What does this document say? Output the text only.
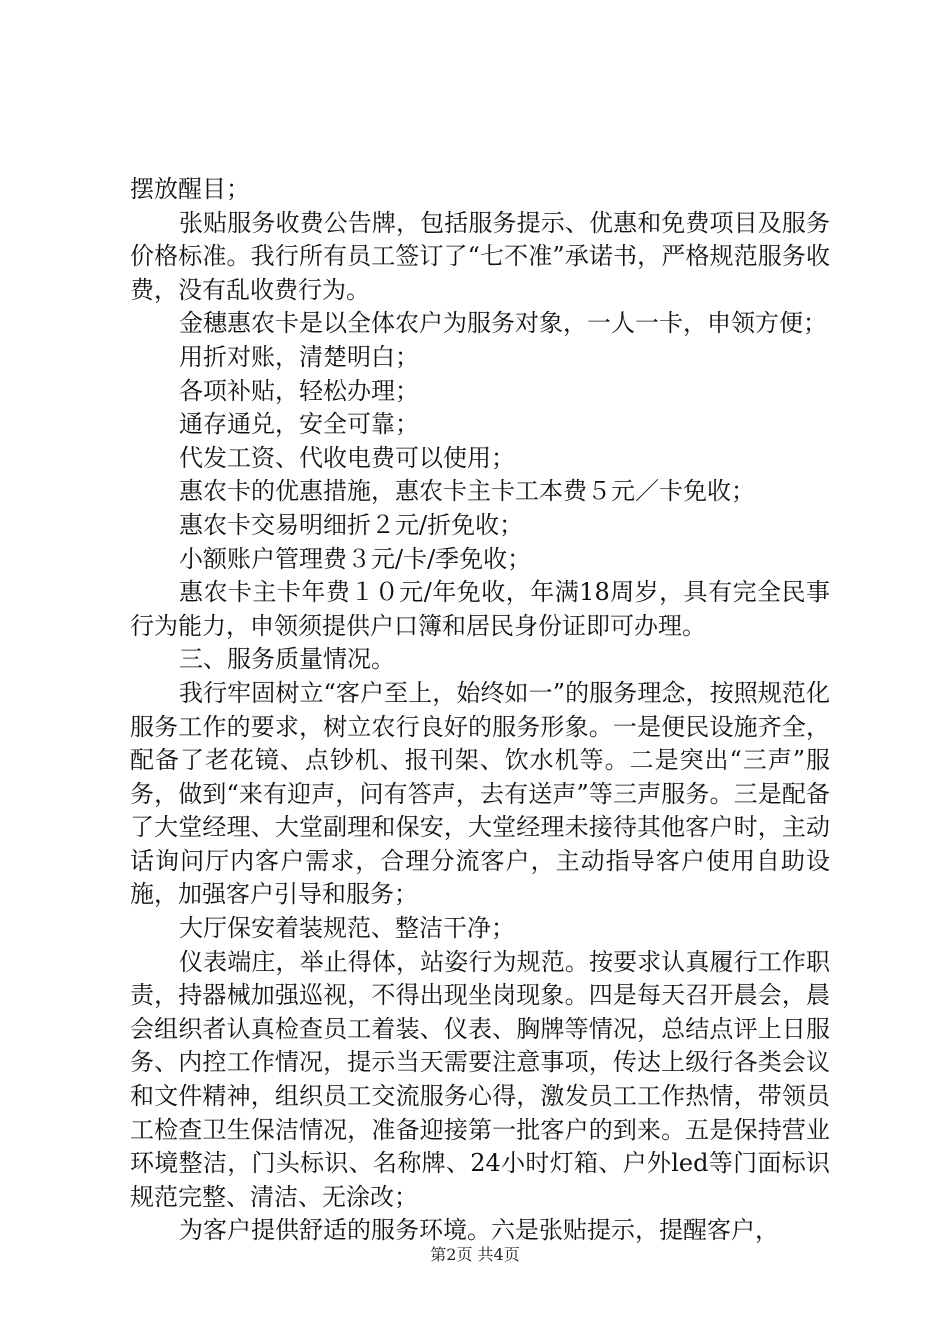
摆放醒目；

张贴服务收费公告牌，包括服务提示、优惠和免费项目及服务价格标准。我行所有员工签订了“七不准”承诺书，严格规范服务收费，没有乱收费行为。

金穗惠农卡是以全体农户为服务对象，一人一卡，申领方便；

用折对账，清楚明白；

各项补贴，轻松办理；

通存通兑，安全可靠；

代发工资、代收电费可以使用；

惠农卡的优惠措施，惠农卡主卡工本费５元／卡免收；

惠农卡交易明细折２元/折免收；

小额账户管理费３元/卡/季免收；

惠农卡主卡年费１０元/年免收，年满18周岁，具有完全民事行为能力，申领须提供户口簿和居民身份证即可办理。

三、服务质量情况。

我行牢固树立“客户至上，始终如一”的服务理念，按照规范化服务工作的要求，树立农行良好的服务形象。一是便民设施齐全，配备了老花镜、点钞机、报刊架、饮水机等。二是突出“三声”服务，做到“来有迎声，问有答声，去有送声”等三声服务。三是配备了大堂经理、大堂副理和保安，大堂经理未接待其他客户时，主动话询问厅内客户需求，合理分流客户，主动指导客户使用自助设施，加强客户引导和服务；

大厅保安着装规范、整洁干净；

仪表端庄，举止得体，站姿行为规范。按要求认真履行工作职责，持器械加强巡视，不得出现坐岗现象。四是每天召开晨会，晨会组织者认真检查员工着装、仪表、胸牌等情况，总结点评上日服务、内控工作情况，提示当天需要注意事项，传达上级行各类会议和文件精神，组织员工交流服务心得，激发员工工作热情，带领员工检查卫生保洁情况，准备迎接第一批客户的到来。五是保持营业环境整洁，门头标识、名称牌、24小时灯箱、户外led等门面标识规范完整、清洁、无涂改；

为客户提供舒适的服务环境。六是张贴提示，提醒客户，

第2页 共4页
